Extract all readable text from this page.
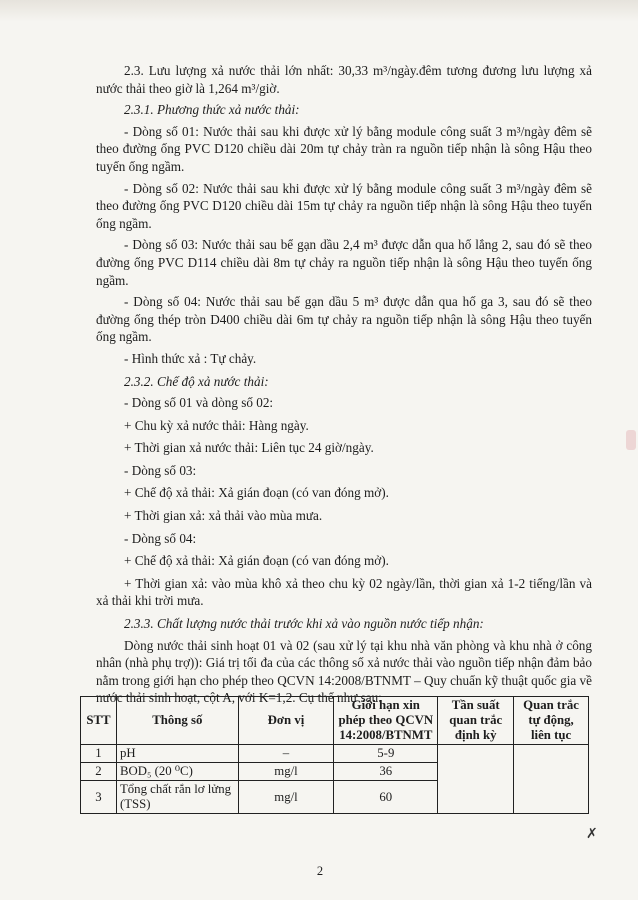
2.3. Lưu lượng xả nước thải lớn nhất: 30,33 m³/ngày.đêm tương đương lưu lượng xả nước thải theo giờ là 1,264 m³/giờ.

2.3.1. Phương thức xả nước thải:

- Dòng số 01: Nước thải sau khi được xử lý bằng module công suất 3 m³/ngày đêm sẽ theo đường ống PVC D120 chiều dài 20m tự chảy tràn ra nguồn tiếp nhận là sông Hậu theo tuyến ống ngầm.

- Dòng số 02: Nước thải sau khi được xử lý bằng module công suất 3 m³/ngày đêm sẽ theo đường ống PVC D120 chiều dài 15m tự chảy ra nguồn tiếp nhận là sông Hậu theo tuyến ống ngầm.

- Dòng số 03: Nước thải sau bể gạn dầu 2,4 m³ được dẫn qua hố lắng 2, sau đó sẽ theo đường ống PVC D114 chiều dài 8m tự chảy ra nguồn tiếp nhận là sông Hậu theo tuyến ống ngầm.

- Dòng số 04: Nước thải sau bể gạn dầu 5 m³ được dẫn qua hố ga 3, sau đó sẽ theo đường ống thép tròn D400 chiều dài 6m tự chảy ra nguồn tiếp nhận là sông Hậu theo tuyến ống ngầm.

- Hình thức xả : Tự chảy.

2.3.2. Chế độ xả nước thải:

- Dòng số 01 và dòng số 02:

+ Chu kỳ xả nước thải: Hàng ngày.

+ Thời gian xả nước thải: Liên tục 24 giờ/ngày.

- Dòng số 03:

+ Chế độ xả thải: Xả gián đoạn (có van đóng mở).

+ Thời gian xả: xả thải vào mùa mưa.

- Dòng số 04:

+ Chế độ xả thải: Xả gián đoạn (có van đóng mở).

+ Thời gian xả: vào mùa khô xả theo chu kỳ 02 ngày/lần, thời gian xả 1-2 tiếng/lần và xả thải khi trời mưa.

2.3.3. Chất lượng nước thải trước khi xả vào nguồn nước tiếp nhận:

Dòng nước thải sinh hoạt 01 và 02 (sau xử lý tại khu nhà văn phòng và khu nhà ở công nhân (nhà phụ trợ)): Giá trị tối đa của các thông số xả nước thải vào nguồn tiếp nhận đảm bảo nằm trong giới hạn cho phép theo QCVN 14:2008/BTNMT – Quy chuẩn kỹ thuật quốc gia về nước thải sinh hoạt, cột A, với K=1,2. Cụ thể như sau:

STT	Thông số	Đơn vị	Giới hạn xin phép theo QCVN 14:2008/BTNMT	Tần suất quan trắc định kỳ	Quan trắc tự động, liên tục
1	pH	–	5-9		
2	BOD₅ (20 ⁰C)	mg/l	36		
3	Tổng chất rắn lơ lửng (TSS)	mg/l	60		
✗
2
